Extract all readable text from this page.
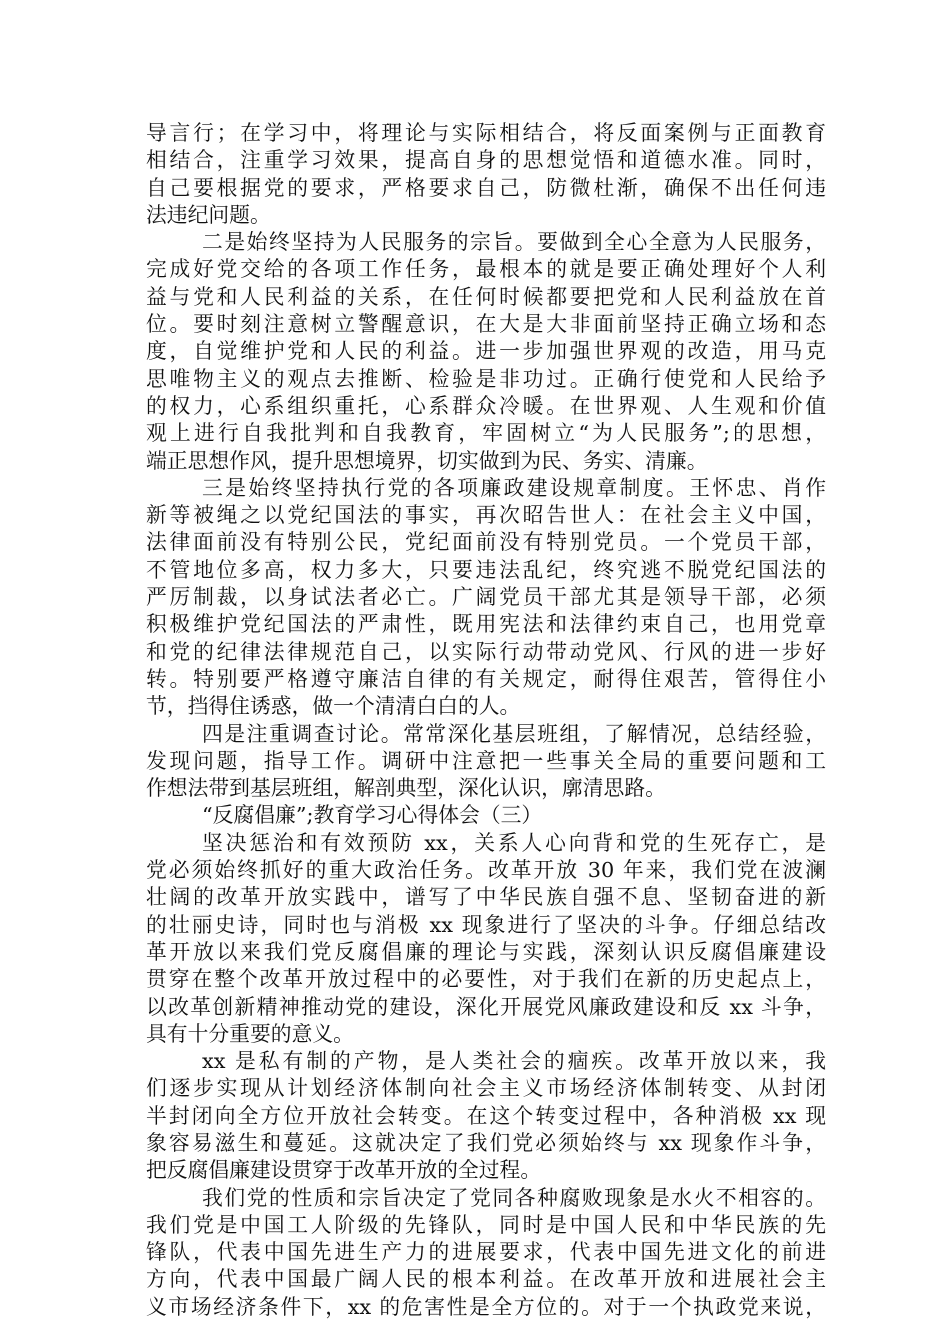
导言行；在学习中，将理论与实际相结合，将反面案例与正面教育
相结合，注重学习效果，提高自身的思想觉悟和道德水准。同时，
自己要根据党的要求，严格要求自己，防微杜渐，确保不出任何违
法违纪问题。
二是始终坚持为人民服务的宗旨。要做到全心全意为人民服务，
完成好党交给的各项工作任务，最根本的就是要正确处理好个人利
益与党和人民利益的关系，在任何时候都要把党和人民利益放在首
位。要时刻注意树立警醒意识，在大是大非面前坚持正确立场和态
度，自觉维护党和人民的利益。进一步加强世界观的改造，用马克
思唯物主义的观点去推断、检验是非功过。正确行使党和人民给予
的权力，心系组织重托，心系群众冷暖。在世界观、人生观和价值
观上进行自我批判和自我教育，牢固树立“为人民服务”;的思想，
端正思想作风，提升思想境界，切实做到为民、务实、清廉。
三是始终坚持执行党的各项廉政建设规章制度。王怀忠、肖作
新等被绳之以党纪国法的事实，再次昭告世人：在社会主义中国，
法律面前没有特别公民，党纪面前没有特别党员。一个党员干部，
不管地位多高，权力多大，只要违法乱纪，终究逃不脱党纪国法的
严厉制裁，以身试法者必亡。广阔党员干部尤其是领导干部，必须
积极维护党纪国法的严肃性，既用宪法和法律约束自己，也用党章
和党的纪律法律规范自己，以实际行动带动党风、行风的进一步好
转。特别要严格遵守廉洁自律的有关规定，耐得住艰苦，管得住小
节，挡得住诱惑，做一个清清白白的人。
四是注重调查讨论。常常深化基层班组，了解情况，总结经验，
发现问题，指导工作。调研中注意把一些事关全局的重要问题和工
作想法带到基层班组，解剖典型，深化认识，廓清思路。
“反腐倡廉”;教育学习心得体会（三）
坚决惩治和有效预防 xx，关系人心向背和党的生死存亡，是
党必须始终抓好的重大政治任务。改革开放 30 年来，我们党在波澜
壮阔的改革开放实践中，谱写了中华民族自强不息、坚韧奋进的新
的壮丽史诗，同时也与消极 xx 现象进行了坚决的斗争。仔细总结改
革开放以来我们党反腐倡廉的理论与实践，深刻认识反腐倡廉建设
贯穿在整个改革开放过程中的必要性，对于我们在新的历史起点上，
以改革创新精神推动党的建设，深化开展党风廉政建设和反 xx 斗争，
具有十分重要的意义。
xx 是私有制的产物，是人类社会的痼疾。改革开放以来，我
们逐步实现从计划经济体制向社会主义市场经济体制转变、从封闭
半封闭向全方位开放社会转变。在这个转变过程中，各种消极 xx 现
象容易滋生和蔓延。这就决定了我们党必须始终与 xx 现象作斗争，
把反腐倡廉建设贯穿于改革开放的全过程。
我们党的性质和宗旨决定了党同各种腐败现象是水火不相容的。
我们党是中国工人阶级的先锋队，同时是中国人民和中华民族的先
锋队，代表中国先进生产力的进展要求，代表中国先进文化的前进
方向，代表中国最广阔人民的根本利益。在改革开放和进展社会主
义市场经济条件下，xx 的危害性是全方位的。对于一个执政党来说，
